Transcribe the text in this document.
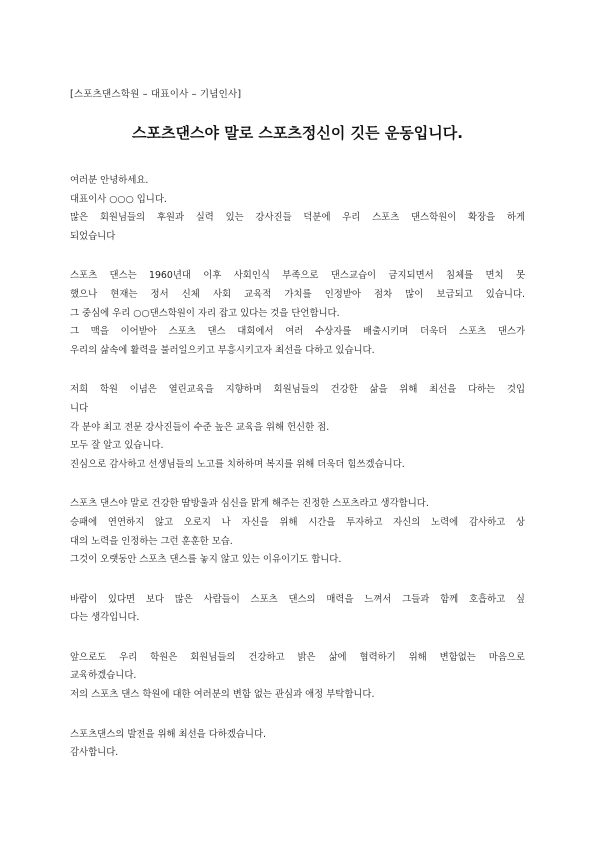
[스포츠댄스학원 – 대표이사 – 기념인사]
스포츠댄스야 말로 스포츠정신이 깃든 운동입니다.
여러분 안녕하세요.
대표이사 ○○○ 입니다.
많은 회원님들의 후원과 실력 있는 강사진들 덕분에 우리 스포츠 댄스학원이 확장을 하게
되었습니다
스포츠 댄스는 1960년대 이후 사회인식 부족으로 댄스교습이 금지되면서 침체를 면치 못
했으나 현재는 정서 신체 사회 교육적 가치를 인정받아 점차 많이 보급되고 있습니다.
그 중심에 우리 ○○댄스학원이 자리 잡고 있다는 것을 단언합니다.
그 맥을 이어받아 스포츠 댄스 대회에서 여러 수상자를 배출시키며 더욱더 스포츠 댄스가
우리의 삶속에 활력을 불러일으키고 부흥시키고자 최선을 다하고 있습니다.
저희 학원 이념은 열린교육을 지향하며 회원님들의 건강한 삶을 위해 최선을 다하는 것입
니다
각 분야 최고 전문 강사진들이 수준 높은 교육을 위해 헌신한 점.
모두 잘 알고 있습니다.
진심으로 감사하고 선생님들의 노고를 치하하며 복지를 위해 더욱더 힘쓰겠습니다.
스포츠 댄스야 말로 건강한 땀방울과 심신을 맑게 해주는 진정한 스포츠라고 생각합니다.
승패에 연연하지 않고 오로지 나 자신을 위해 시간을 투자하고 자신의 노력에 감사하고 상
대의 노력을 인정하는 그런 훈훈한 모습.
그것이 오랫동안 스포츠 댄스를 놓지 않고 있는 이유이기도 합니다.
바람이 있다면 보다 많은 사람들이 스포츠 댄스의 매력을 느껴서 그들과 함께 호흡하고 싶
다는 생각입니다.
앞으로도 우리 학원은 회원님들의 건강하고 밝은 삶에 협력하기 위해 변함없는 마음으로
교육하겠습니다.
저의 스포츠 댄스 학원에 대한 여러분의 변함 없는 관심과 애정 부탁합니다.
스포츠댄스의 발전을 위해 최선을 다하겠습니다.
감사합니다.
